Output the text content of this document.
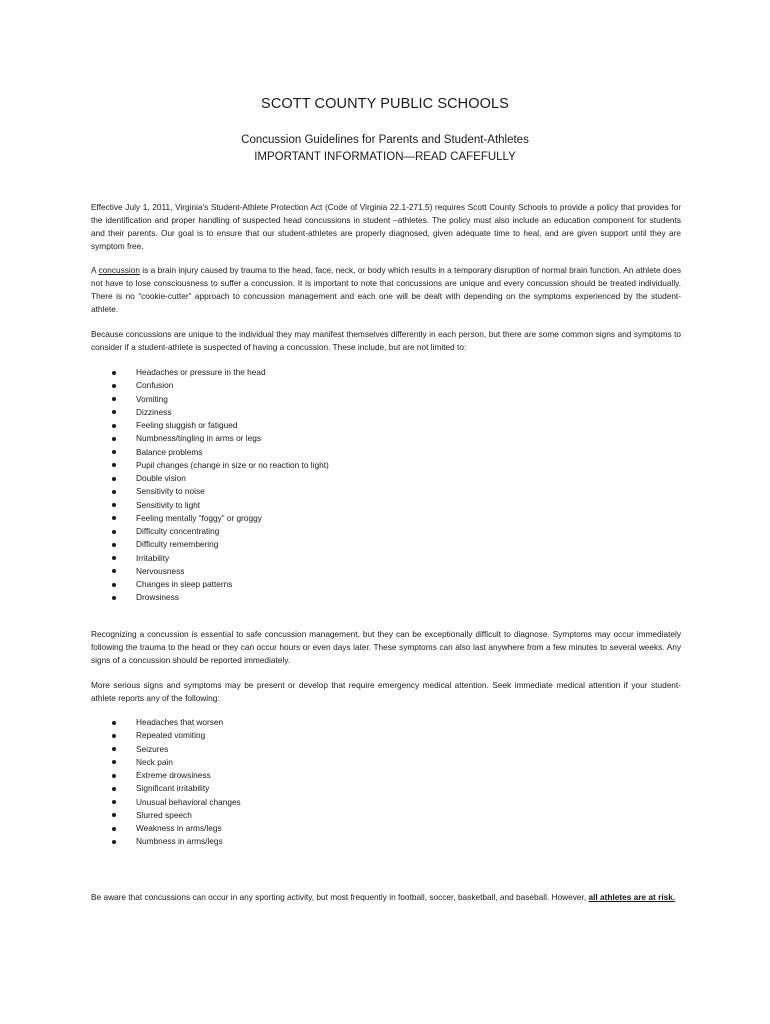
SCOTT COUNTY PUBLIC SCHOOLS
Concussion Guidelines for Parents and Student-Athletes
IMPORTANT INFORMATION—READ CAFEFULLY

Effective July 1, 2011, Virginia's Student-Athlete Protection Act (Code of Virginia 22.1-271.5) requires Scott County Schools to provide a policy that provides for the identification and proper handling of suspected head concussions in student –athletes. The policy must also include an education component for students and their parents. Our goal is to ensure that our student-athletes are properly diagnosed, given adequate time to heal, and are given support until they are symptom free.

A concussion is a brain injury caused by trauma to the head, face, neck, or body which results in a temporary disruption of normal brain function. An athlete does not have to lose consciousness to suffer a concussion. It is important to note that concussions are unique and every concussion should be treated individually. There is no “cookie-cutter” approach to concussion management and each one will be dealt with depending on the symptoms experienced by the student-athlete.

Because concussions are unique to the individual they may manifest themselves differently in each person, but there are some common signs and symptoms to consider if a student-athlete is suspected of having a concussion. These include, but are not limited to:

Headaches or pressure in the head
Confusion
Vomiting
Dizziness
Feeling sluggish or fatigued
Numbness/tingling in arms or legs
Balance problems
Pupil changes (change in size or no reaction to light)
Double vision
Sensitivity to noise
Sensitivity to light
Feeling mentally “foggy” or groggy
Difficulty concentrating
Difficulty remembering
Irritability
Nervousness
Changes in sleep patterns
Drowsiness

Recognizing a concussion is essential to safe concussion management, but they can be exceptionally difficult to diagnose. Symptoms may occur immediately following the trauma to the head or they can occur hours or even days later. These symptoms can also last anywhere from a few minutes to several weeks. Any signs of a concussion should be reported immediately.

More serious signs and symptoms may be present or develop that require emergency medical attention. Seek immediate medical attention if your student-athlete reports any of the following:

Headaches that worsen
Repeated vomiting
Seizures
Neck pain
Extreme drowsiness
Significant irritability
Unusual behavioral changes
Slurred speech
Weakness in arms/legs
Numbness in arms/legs

Be aware that concussions can occur in any sporting activity, but most frequently in football, soccer, basketball, and baseball. However, all athletes are at risk.
